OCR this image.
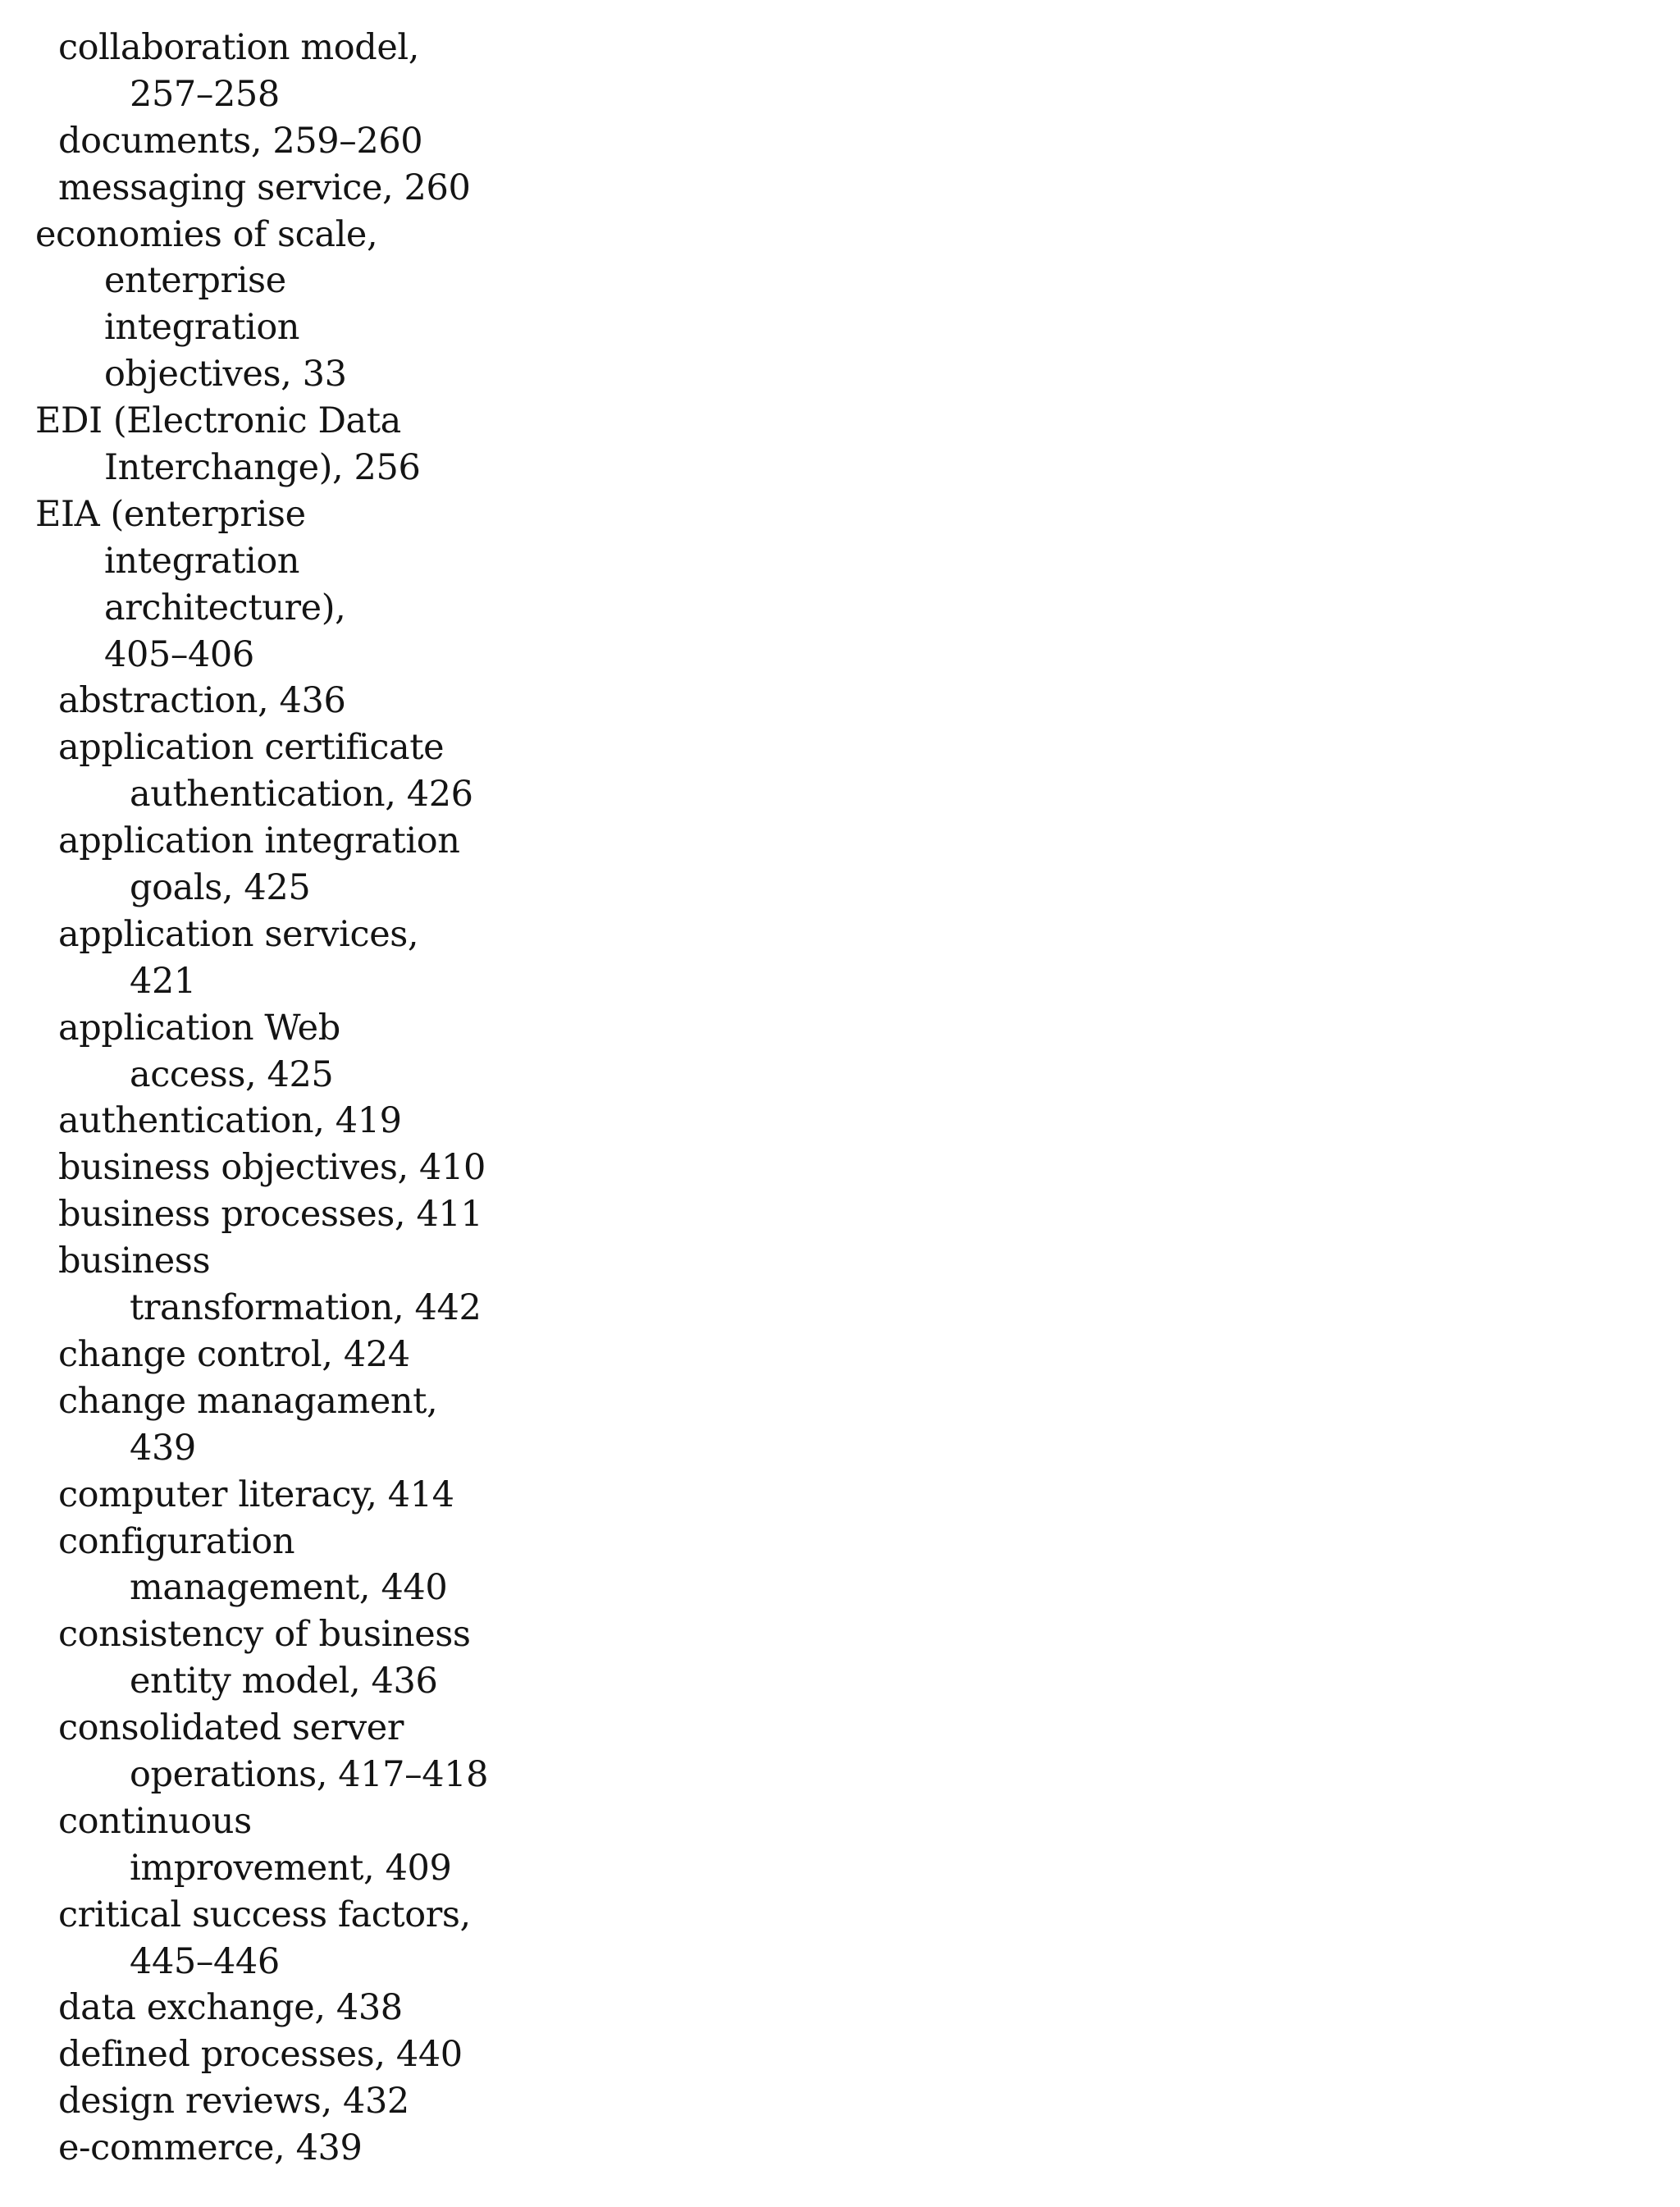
collaboration model,
257–258
documents, 259–260
messaging service, 260
economies of scale,
enterprise
integration
objectives, 33
EDI (Electronic Data
Interchange), 256
EIA (enterprise
integration
architecture),
405–406
abstraction, 436
application certificate
authentication, 426
application integration
goals, 425
application services,
421
application Web
access, 425
authentication, 419
business objectives, 410
business processes, 411
business
transformation, 442
change control, 424
change managament,
439
computer literacy, 414
configuration
management, 440
consistency of business
entity model, 436
consolidated server
operations, 417–418
continuous
improvement, 409
critical success factors,
445–446
data exchange, 438
defined processes, 440
design reviews, 432
e-commerce, 439
